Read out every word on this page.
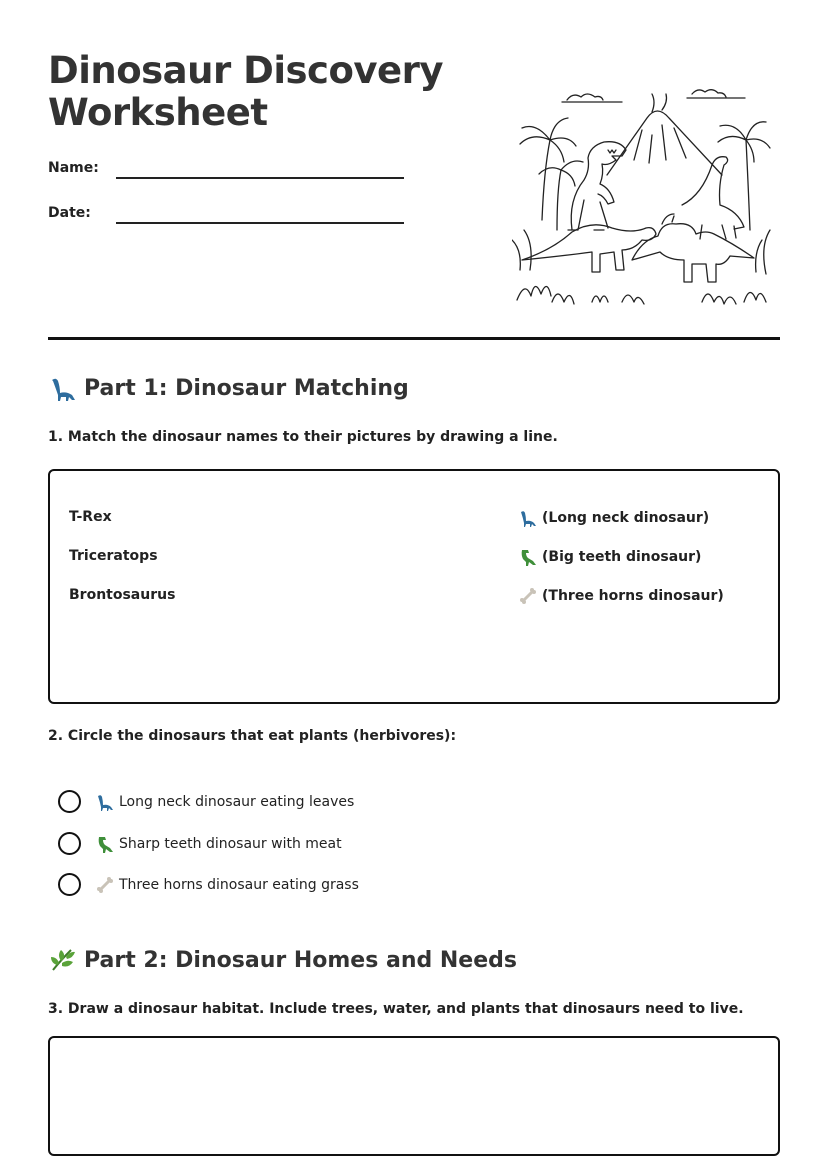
Dinosaur Discovery Worksheet
Name:
Date:
Part 1: Dinosaur Matching

1. Match the dinosaur names to their pictures by drawing a line.

T-Rex
Triceratops
Brontosaurus
(Long neck dinosaur)
(Big teeth dinosaur)
(Three horns dinosaur)

2. Circle the dinosaurs that eat plants (herbivores):

Long neck dinosaur eating leaves
Sharp teeth dinosaur with meat
Three horns dinosaur eating grass
Part 2: Dinosaur Homes and Needs

3. Draw a dinosaur habitat. Include trees, water, and plants that dinosaurs need to live.
